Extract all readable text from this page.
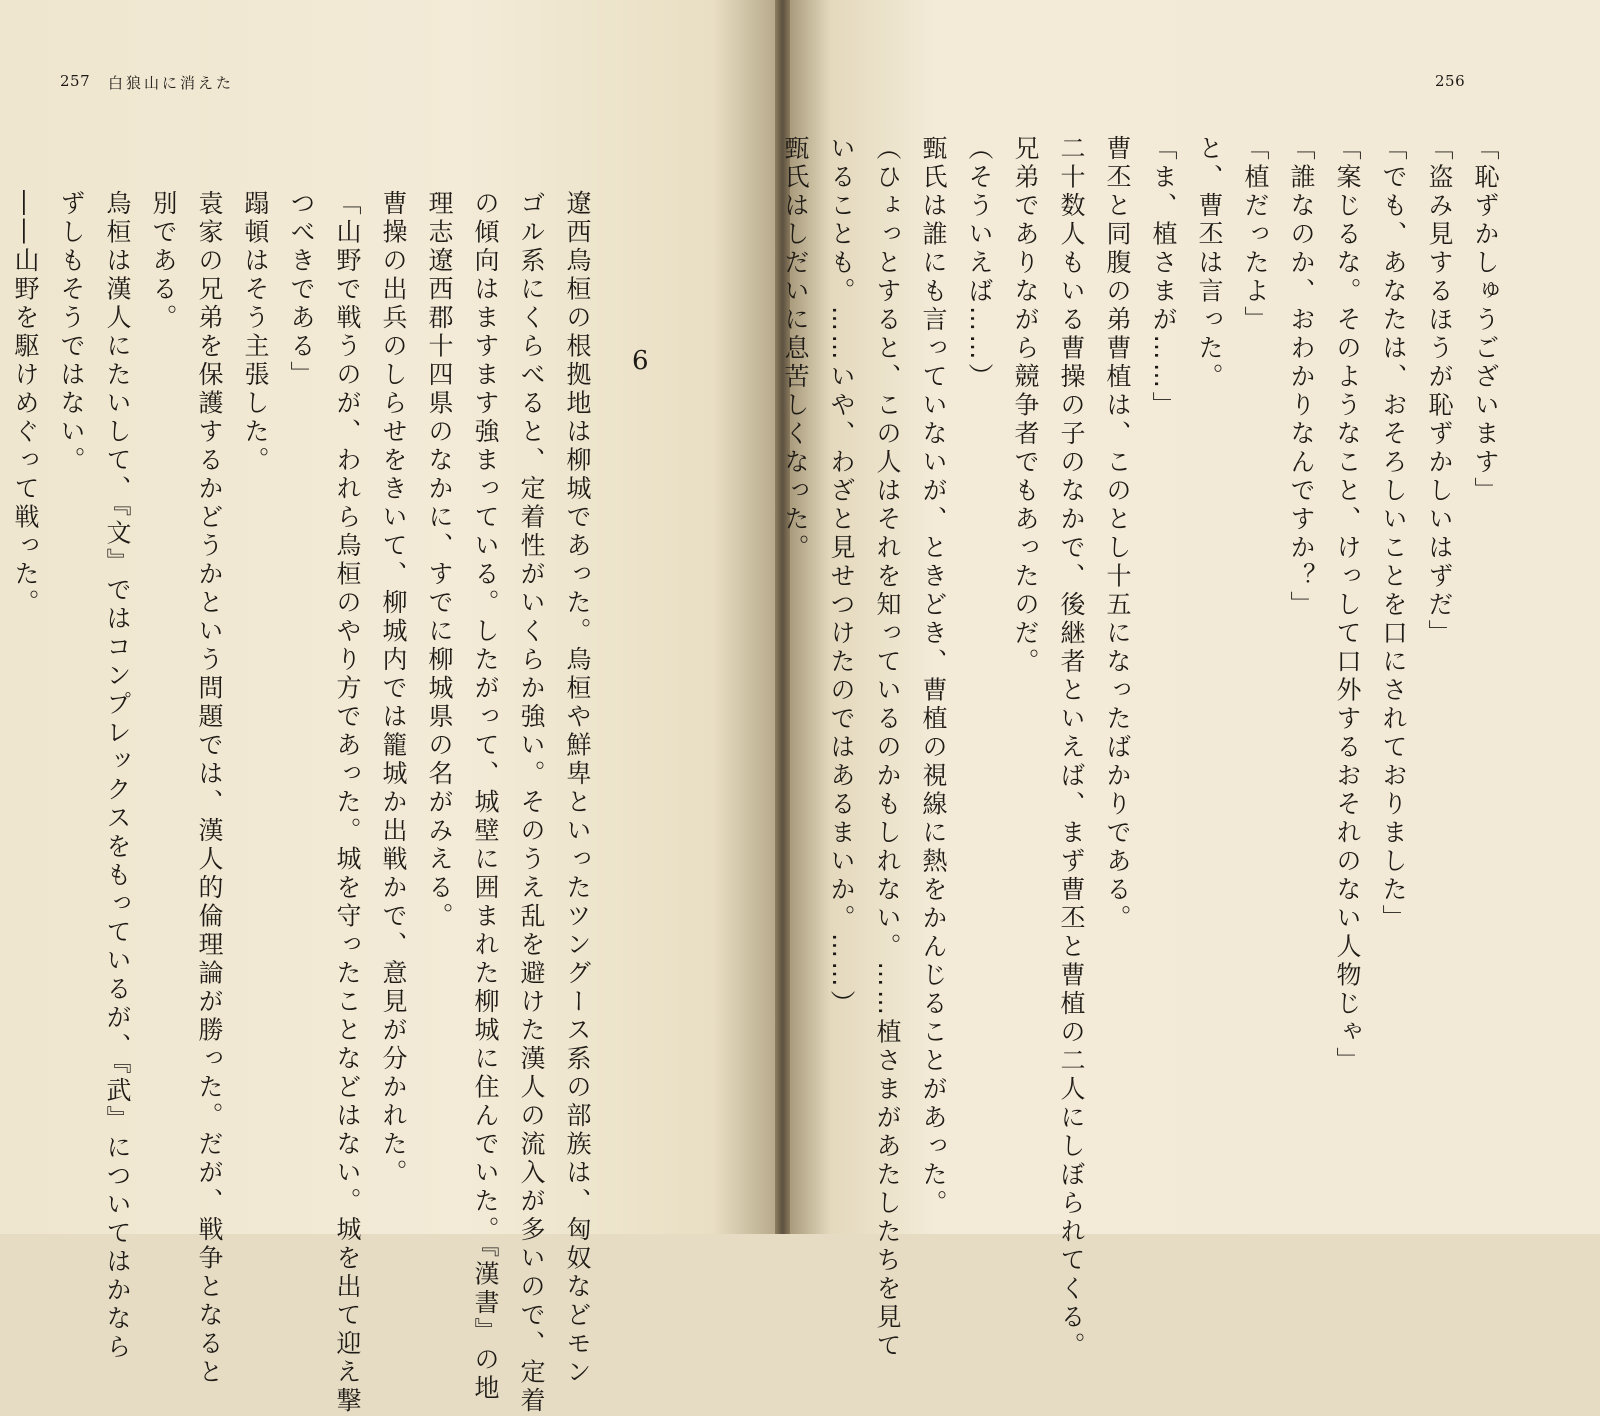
257 白狼山に消えた
6

遼西烏桓の根拠地は柳城であった。烏桓や鮮卑といったツングース系の部族は、匈奴などモン

ゴル系にくらべると、定着性がいくらか強い。そのうえ乱を避けた漢人の流入が多いので、定着

の傾向はますます強まっている。したがって、城壁に囲まれた柳城に住んでいた。『漢書』の地

理志遼西郡十四県のなかに、すでに柳城県の名がみえる。

曹操の出兵のしらせをきいて、柳城内では籠城か出戦かで、意見が分かれた。

「山野で戦うのが、われら烏桓のやり方であった。城を守ったことなどはない。城を出て迎え撃

つべきである」

蹋頓はそう主張した。

袁家の兄弟を保護するかどうかという問題では、漢人的倫理論が勝った。だが、戦争となると

別である。

烏桓は漢人にたいして、『文』ではコンプレックスをもっているが、『武』についてはかなら

ずしもそうではない。

――山野を駆けめぐって戦った。

256

「恥ずかしゅうございます」

「盗み見するほうが恥ずかしいはずだ」

「でも、あなたは、おそろしいことを口にされておりました」

「案じるな。そのようなこと、けっして口外するおそれのない人物じゃ」

「誰なのか、おわかりなんですか？」

「植だったよ」

と、曹丕は言った。

「ま、植さまが……」

曹丕と同腹の弟曹植は、このとし十五になったばかりである。

二十数人もいる曹操の子のなかで、後継者といえば、まず曹丕と曹植の二人にしぼられてくる。

兄弟でありながら競争者でもあったのだ。

（そういえば……）

甄氏は誰にも言っていないが、ときどき、曹植の視線に熱をかんじることがあった。

（ひょっとすると、この人はそれを知っているのかもしれない。……植さまがあたしたちを見て

いることも。……いや、わざと見せつけたのではあるまいか。……）

甄氏はしだいに息苦しくなった。
